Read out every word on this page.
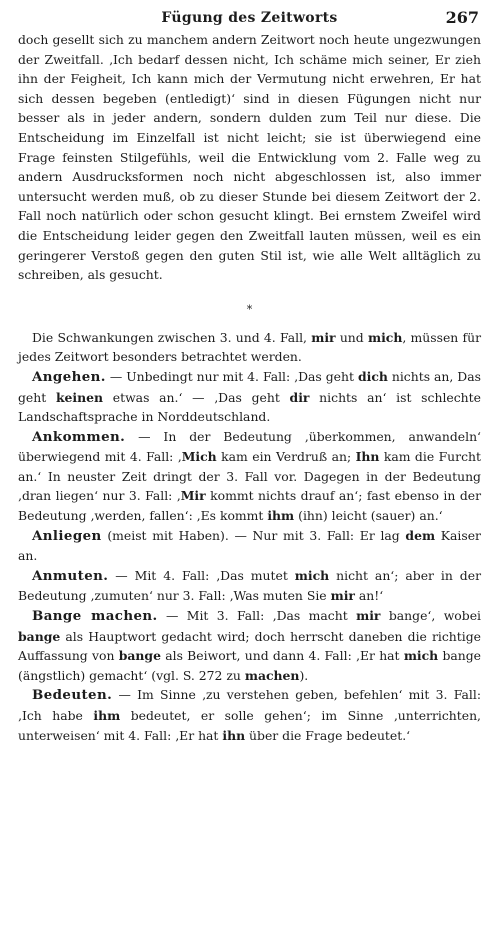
Fügung des Zeitworts	267

doch gesellt sich zu manchem andern Zeitwort noch heute ungezwungen der Zweitfall. ‚Ich bedarf dessen nicht, Ich schäme mich seiner, Er zieh ihn der Feigheit, Ich kann mich der Vermutung nicht erwehren, Er hat sich dessen begeben (entledigt)‘ sind in diesen Fügungen nicht nur besser als in jeder andern, sondern dulden zum Teil nur diese. Die Entscheidung im Einzelfall ist nicht leicht; sie ist überwiegend eine Frage feinsten Stilgefühls, weil die Entwicklung vom 2. Falle weg zu andern Ausdrucksformen noch nicht abgeschlossen ist, also immer untersucht werden muß, ob zu dieser Stunde bei diesem Zeitwort der 2. Fall noch natürlich oder schon gesucht klingt. Bei ernstem Zweifel wird die Entscheidung leider gegen den Zweitfall lauten müssen, weil es ein geringerer Verstoß gegen den guten Stil ist, wie alle Welt alltäglich zu schreiben, als gesucht.

*

Die Schwankungen zwischen 3. und 4. Fall, mir und mich, müssen für jedes Zeitwort besonders betrachtet werden.

Angehen. — Unbedingt nur mit 4. Fall: ‚Das geht dich nichts an, Das geht keinen etwas an.‘ — ‚Das geht dir nichts an‘ ist schlechte Landschaftsprache in Norddeutschland.

Ankommen. — In der Bedeutung ‚überkommen, anwandeln‘ überwiegend mit 4. Fall: ‚Mich kam ein Verdruß an; Ihn kam die Furcht an.‘ In neuster Zeit dringt der 3. Fall vor. Dagegen in der Bedeutung ‚dran liegen‘ nur 3. Fall: ‚Mir kommt nichts drauf an‘; fast ebenso in der Bedeutung ‚werden, fallen‘: ‚Es kommt ihm (ihn) leicht (sauer) an.‘

Anliegen (meist mit Haben). — Nur mit 3. Fall: Er lag dem Kaiser an.

Anmuten. — Mit 4. Fall: ‚Das mutet mich nicht an‘; aber in der Bedeutung ‚zumuten‘ nur 3. Fall: ‚Was muten Sie mir an!‘

Bange machen. — Mit 3. Fall: ‚Das macht mir bange‘, wobei bange als Hauptwort gedacht wird; doch herrscht daneben die richtige Auffassung von bange als Beiwort, und dann 4. Fall: ‚Er hat mich bange (ängstlich) gemacht‘ (vgl. S. 272 zu machen).

Bedeuten. — Im Sinne ‚zu verstehen geben, befehlen‘ mit 3. Fall: ‚Ich habe ihm bedeutet, er solle gehen‘; im Sinne ‚unterrichten, unterweisen‘ mit 4. Fall: ‚Er hat ihn über die Frage bedeutet.‘
